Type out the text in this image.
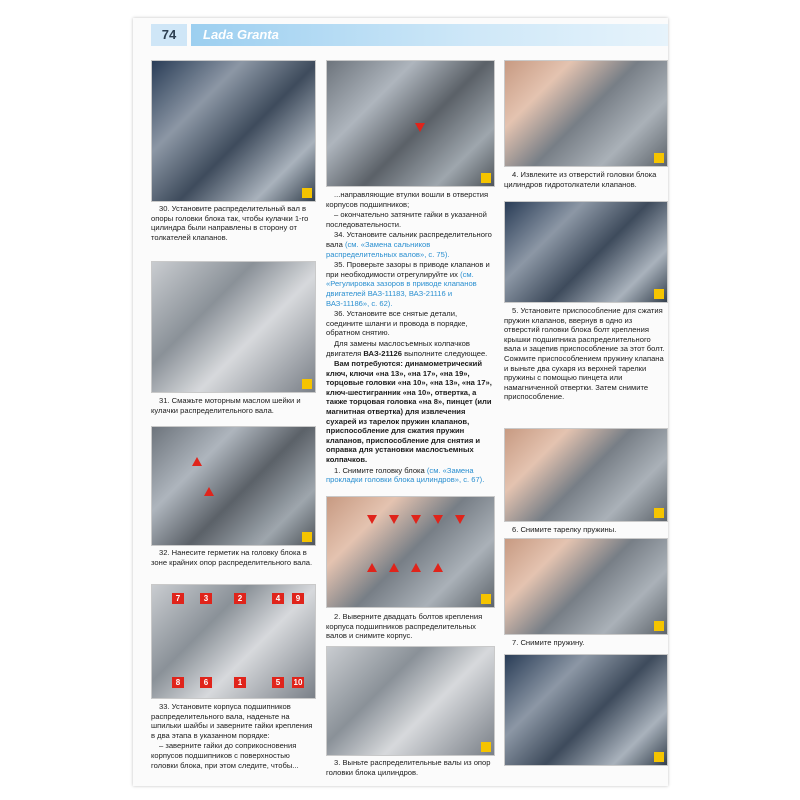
74	Lada Granta

30. Установите распределительный вал в опоры головки блока так, чтобы кулачки 1-го цилиндра были направлены в сторону от толкателей клапанов.

31. Смажьте моторным маслом шейки и кулачки распределительного вала.

32. Нанесите герметик на головку блока в зоне крайних опор распределительного вала.

7	3	2	4	9
8	6	1	5	10

33. Установите корпуса подшипников распределительного вала, наденьте на шпильки шайбы и заверните гайки крепления в два этапа в указанном порядке:

– заверните гайки до соприкосновения корпусов подшипников с поверхностью головки блока, при этом следите, чтобы...

...направляющие втулки вошли в отверстия корпусов подшипников;

– окончательно затяните гайки в указанной последовательности.

34. Установите сальник распределительного вала (см. «Замена сальников распределительных валов», с. 75).

35. Проверьте зазоры в приводе клапанов и при необходимости отрегулируйте их (см. «Регулировка зазоров в приводе клапанов двигателей ВАЗ-11183, ВАЗ-21116 и ВАЗ-11186», с. 62).

36. Установите все снятые детали, соедините шланги и провода в порядке, обратном снятию.

Для замены маслосъемных колпачков двигателя ВАЗ-21126 выполните следующее.

Вам потребуются: динамометрический ключ, ключи «на 13», «на 17», «на 19», торцовые головки «на 10», «на 13», «на 17», ключ-шестигранник «на 10», отвертка, а также торцовая головка «на 8», пинцет (или магнитная отвертка) для извлечения сухарей из тарелок пружин клапанов, приспособление для сжатия пружин клапанов, приспособление для снятия и оправка для установки маслосъемных колпачков.

1. Снимите головку блока (см. «Замена прокладки головки блока цилиндров», с. 67).

2. Выверните двадцать болтов крепления корпуса подшипников распределительных валов и снимите корпус.

3. Выньте распределительные валы из опор головки блока цилиндров.

4. Извлеките из отверстий головки блока цилиндров гидротолкатели клапанов.

5. Установите приспособление для сжатия пружин клапанов, ввернув в одно из отверстий головки блока болт крепления крышки подшипника распределительного вала и зацепив приспособление за этот болт. Сожмите приспособлением пружину клапана и выньте два сухаря из верхней тарелки пружины с помощью пинцета или намагниченной отвертки. Затем снимите приспособление.

6. Снимите тарелку пружины.

7. Снимите пружину.
